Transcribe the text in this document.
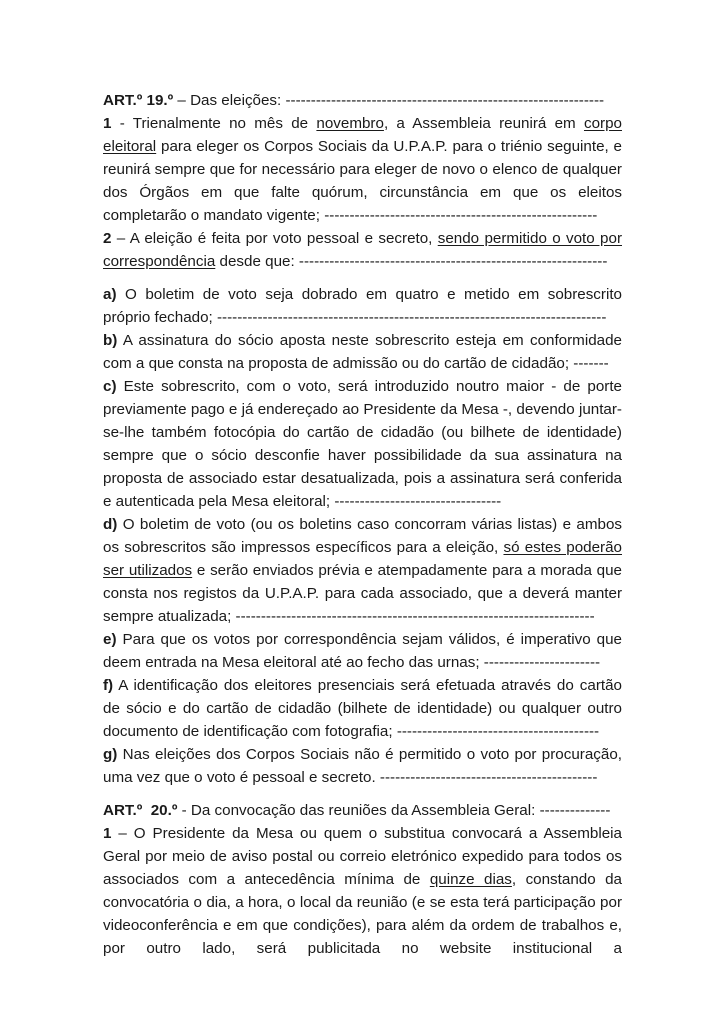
ART.º 19.º – Das eleições: ---------------------------------------------------------------

1 - Trienalmente no mês de novembro, a Assembleia reunirá em corpo eleitoral para eleger os Corpos Sociais da U.P.A.P. para o triénio seguinte, e reunirá sempre que for necessário para eleger de novo o elenco de qualquer dos Órgãos em que falte quórum, circunstância em que os eleitos completarão o mandato vigente; ------------------------------------------------------

2 – A eleição é feita por voto pessoal e secreto, sendo permitido o voto por correspondência desde que: -------------------------------------------------------------

a) O boletim de voto seja dobrado em quatro e metido em sobrescrito próprio fechado; -----------------------------------------------------------------------------

b) A assinatura do sócio aposta neste sobrescrito esteja em conformidade com a que consta na proposta de admissão ou do cartão de cidadão; -------

c) Este sobrescrito, com o voto, será introduzido noutro maior - de porte previamente pago e já endereçado ao Presidente da Mesa -, devendo juntar-se-lhe também fotocópia do cartão de cidadão (ou bilhete de identidade) sempre que o sócio desconfie haver possibilidade da sua assinatura na proposta de associado estar desatualizada, pois a assinatura será conferida e autenticada pela Mesa eleitoral; ---------------------------------

d) O boletim de voto (ou os boletins caso concorram várias listas) e ambos os sobrescritos são impressos específicos para a eleição, só estes poderão ser utilizados e serão enviados prévia e atempadamente para a morada que consta nos registos da U.P.A.P. para cada associado, que a deverá manter sempre atualizada; -----------------------------------------------------------------------

e) Para que os votos por correspondência sejam válidos, é imperativo que deem entrada na Mesa eleitoral até ao fecho das urnas; -----------------------

f) A identificação dos eleitores presenciais será efetuada através do cartão de sócio e do cartão de cidadão (bilhete de identidade) ou qualquer outro documento de identificação com fotografia; ----------------------------------------

g) Nas eleições dos Corpos Sociais não é permitido o voto por procuração, uma vez que o voto é pessoal e secreto. -------------------------------------------

ART.º  20.º - Da convocação das reuniões da Assembleia Geral: --------------

1 – O Presidente da Mesa ou quem o substitua convocará a Assembleia Geral por meio de aviso postal ou correio eletrónico expedido para todos os associados com a antecedência mínima de quinze dias, constando da convocatória o dia, a hora, o local da reunião (e se esta terá participação por videoconferência e em que condições), para além da ordem de trabalhos e, por outro lado, será publicitada no website institucional a
